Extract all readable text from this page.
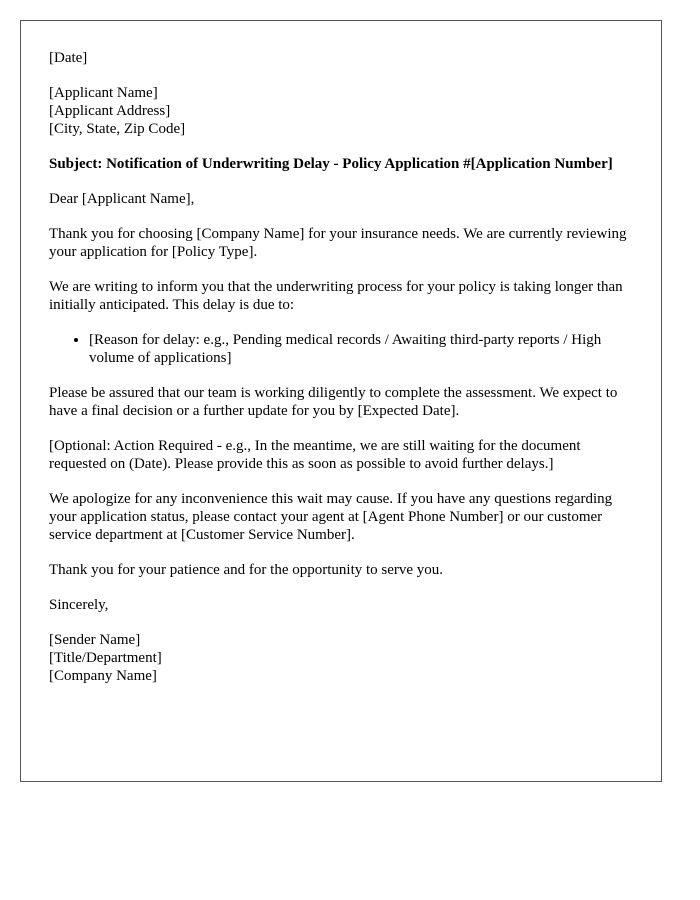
[Date]

[Applicant Name]
[Applicant Address]
[City, State, Zip Code]

Subject: Notification of Underwriting Delay - Policy Application #[Application Number]

Dear [Applicant Name],

Thank you for choosing [Company Name] for your insurance needs. We are currently reviewing your application for [Policy Type].

We are writing to inform you that the underwriting process for your policy is taking longer than initially anticipated. This delay is due to:

• [Reason for delay: e.g., Pending medical records / Awaiting third-party reports / High volume of applications]

Please be assured that our team is working diligently to complete the assessment. We expect to have a final decision or a further update for you by [Expected Date].

[Optional: Action Required - e.g., In the meantime, we are still waiting for the document requested on (Date). Please provide this as soon as possible to avoid further delays.]

We apologize for any inconvenience this wait may cause. If you have any questions regarding your application status, please contact your agent at [Agent Phone Number] or our customer service department at [Customer Service Number].

Thank you for your patience and for the opportunity to serve you.

Sincerely,

[Sender Name]
[Title/Department]
[Company Name]
